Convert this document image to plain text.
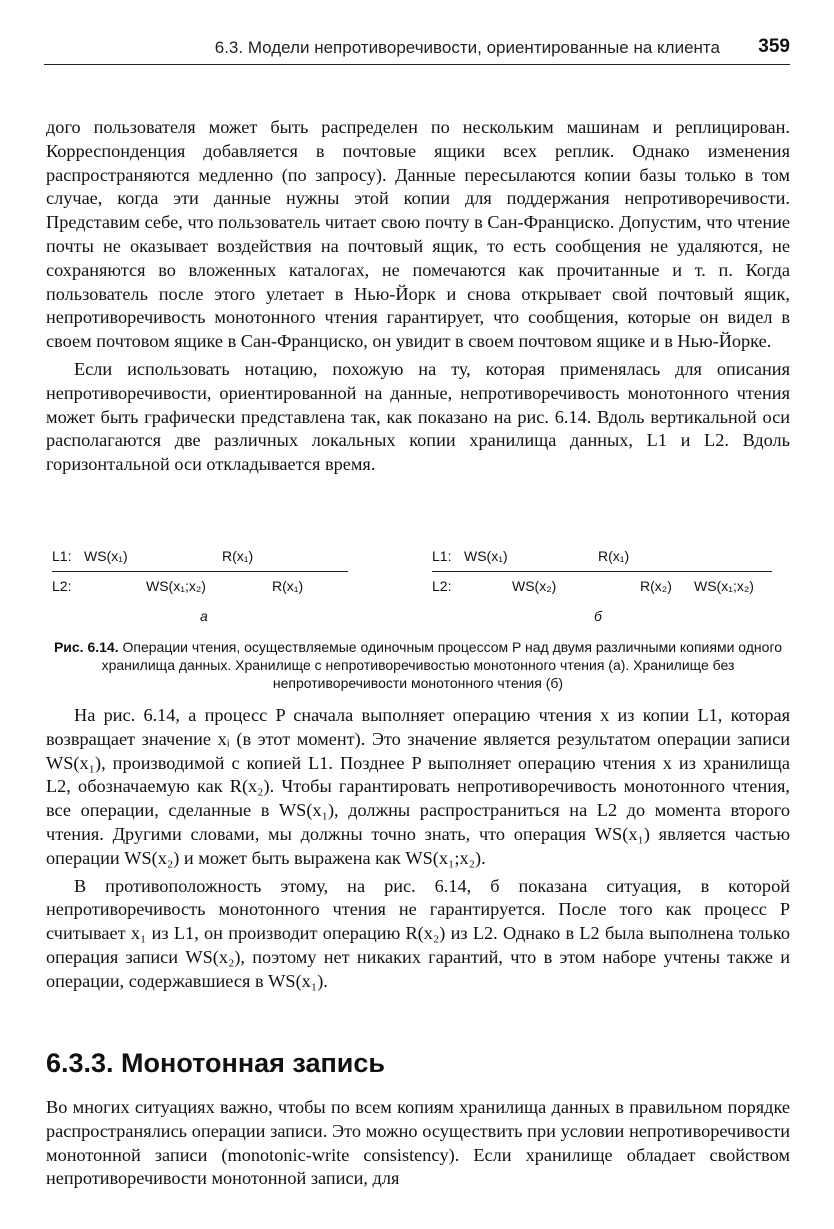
6.3. Модели непротиворечивости, ориентированные на клиента 359

дого пользователя может быть распределен по нескольким машинам и реплицирован. Корреспонденция добавляется в почтовые ящики всех реплик. Однако изменения распространяются медленно (по запросу). Данные пересылаются копии базы только в том случае, когда эти данные нужны этой копии для поддержания непротиворечивости. Представим себе, что пользователь читает свою почту в Сан-Франциско. Допустим, что чтение почты не оказывает воздействия на почтовый ящик, то есть сообщения не удаляются, не сохраняются во вложенных каталогах, не помечаются как прочитанные и т. п. Когда пользователь после этого улетает в Нью-Йорк и снова открывает свой почтовый ящик, непротиворечивость монотонного чтения гарантирует, что сообщения, которые он видел в своем почтовом ящике в Сан-Франциско, он увидит в своем почтовом ящике и в Нью-Йорке.

Если использовать нотацию, похожую на ту, которая применялась для описания непротиворечивости, ориентированной на данные, непротиворечивость монотонного чтения может быть графически представлена так, как показано на рис. 6.14. Вдоль вертикальной оси располагаются две различных локальных копии хранилища данных, L1 и L2. Вдоль горизонтальной оси откладывается время.

L1: WS(x₁)	R(x₁)
L2:	WS(x₁;x₂)	R(x₁)
а
L1: WS(x₁)	R(x₁)
L2:	WS(x₂)	R(x₂) WS(x₁;x₂)
б
Рис. 6.14. Операции чтения, осуществляемые одиночным процессом P над двумя различными копиями одного хранилища данных. Хранилище с непротиворечивостью монотонного чтения (а). Хранилище без непротиворечивости монотонного чтения (б)

На рис. 6.14, а процесс P сначала выполняет операцию чтения x из копии L1, которая возвращает значение xᵢ (в этот момент). Это значение является результатом операции записи WS(x₁), производимой с копией L1. Позднее P выполняет операцию чтения x из хранилища L2, обозначаемую как R(x₂). Чтобы гарантировать непротиворечивость монотонного чтения, все операции, сделанные в WS(x₁), должны распространиться на L2 до момента второго чтения. Другими словами, мы должны точно знать, что операция WS(x₁) является частью операции WS(x₂) и может быть выражена как WS(x₁;x₂).

В противоположность этому, на рис. 6.14, б показана ситуация, в которой непротиворечивость монотонного чтения не гарантируется. После того как процесс P считывает x₁ из L1, он производит операцию R(x₂) из L2. Однако в L2 была выполнена только операция записи WS(x₂), поэтому нет никаких гарантий, что в этом наборе учтены также и операции, содержавшиеся в WS(x₁).

6.3.3. Монотонная запись

Во многих ситуациях важно, чтобы по всем копиям хранилища данных в правильном порядке распространялись операции записи. Это можно осуществить при условии непротиворечивости монотонной записи (monotonic-write consistency). Если хранилище обладает свойством непротиворечивости монотонной записи, для
